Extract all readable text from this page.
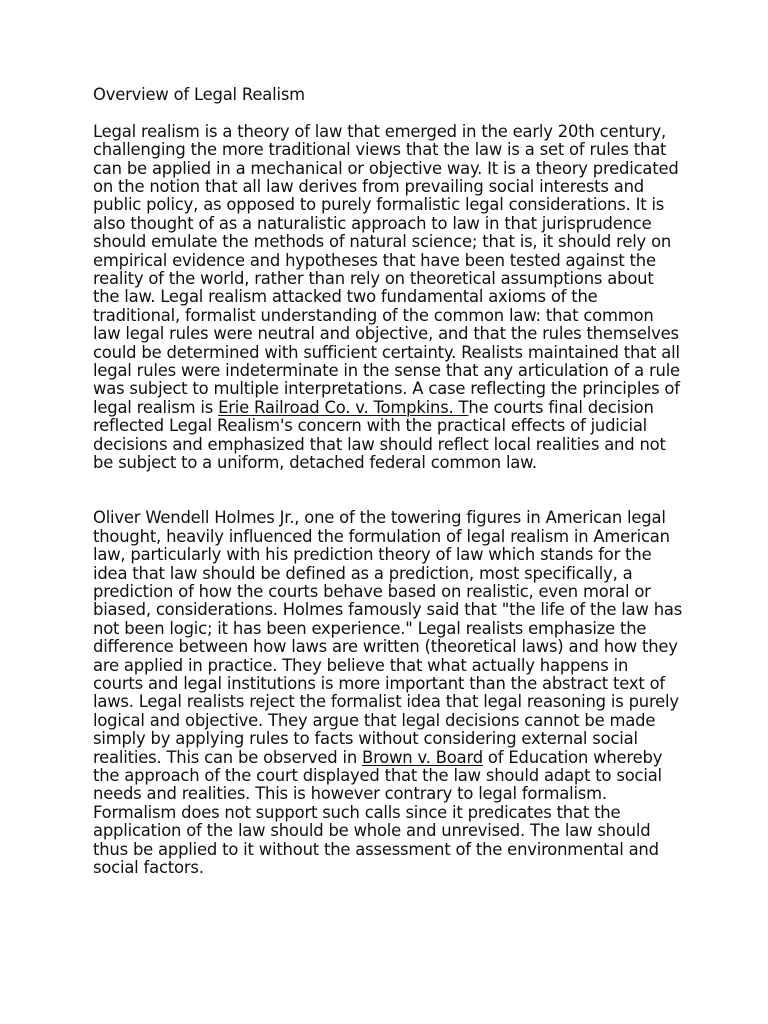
Overview of Legal Realism

Legal realism is a theory of law that emerged in the early 20th century, challenging the more traditional views that the law is a set of rules that can be applied in a mechanical or objective way. It is a theory predicated on the notion that all law derives from prevailing social interests and public policy, as opposed to purely formalistic legal considerations. It is also thought of as a naturalistic approach to law in that jurisprudence should emulate the methods of natural science; that is, it should rely on empirical evidence and hypotheses that have been tested against the reality of the world, rather than rely on theoretical assumptions about the law. Legal realism attacked two fundamental axioms of the traditional, formalist understanding of the common law: that common law legal rules were neutral and objective, and that the rules themselves could be determined with sufficient certainty. Realists maintained that all legal rules were indeterminate in the sense that any articulation of a rule was subject to multiple interpretations. A case reflecting the principles of legal realism is Erie Railroad Co. v. Tompkins. The courts final decision reflected Legal Realism's concern with the practical effects of judicial decisions and emphasized that law should reflect local realities and not be subject to a uniform, detached federal common law.

Oliver Wendell Holmes Jr., one of the towering figures in American legal thought, heavily influenced the formulation of legal realism in American law, particularly with his prediction theory of law which stands for the idea that law should be defined as a prediction, most specifically, a prediction of how the courts behave based on realistic, even moral or biased, considerations. Holmes famously said that "the life of the law has not been logic; it has been experience." Legal realists emphasize the difference between how laws are written (theoretical laws) and how they are applied in practice. They believe that what actually happens in courts and legal institutions is more important than the abstract text of laws. Legal realists reject the formalist idea that legal reasoning is purely logical and objective. They argue that legal decisions cannot be made simply by applying rules to facts without considering external social realities. This can be observed in Brown v. Board of Education whereby the approach of the court displayed that the law should adapt to social needs and realities. This is however contrary to legal formalism. Formalism does not support such calls since it predicates that the application of the law should be whole and unrevised. The law should thus be applied to it without the assessment of the environmental and social factors.
